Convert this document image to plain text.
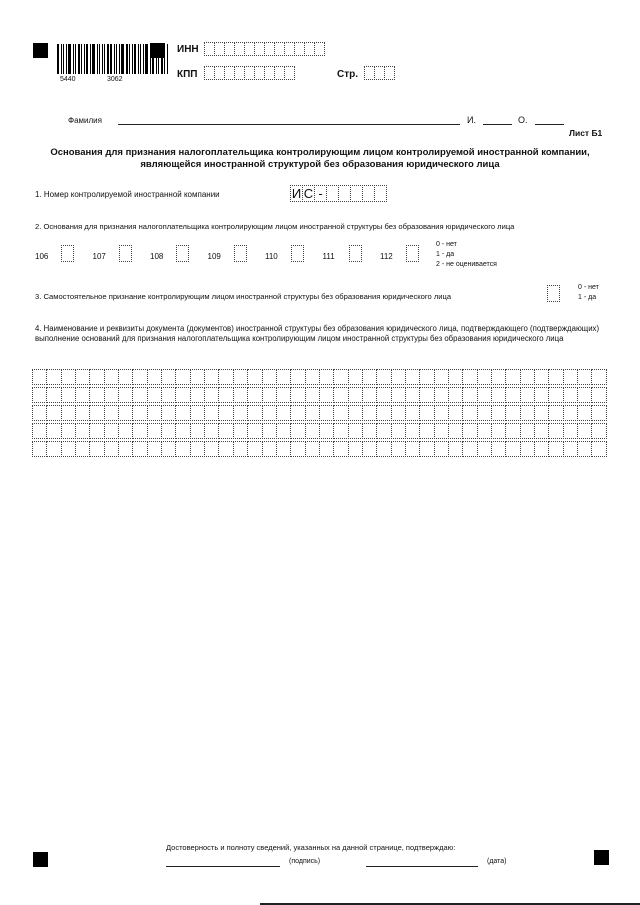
5440	3062
ИНН
КПП	Стр.
Фамилия	И.	О.
Лист Б1
Основания для признания налогоплательщика контролирующим лицом контролируемой иностранной компании, являющейся иностранной структурой без образования юридического лица
1. Номер контролируемой иностранной компании	И С -
2. Основания для признания налогоплательщика контролирующим лицом иностранной структуры без образования юридического лица
106	107	108	109	110	111	112
0 - нет
1 - да
2 - не оценивается
3. Самостоятельное признание контролирующим лицом иностранной структуры без образования юридического лица
0 - нет
1 - да
4. Наименование и реквизиты документа (документов) иностранной структуры без образования юридического лица, подтверждающего (подтверждающих) выполнение оснований для признания налогоплательщика контролирующим лицом иностранной структуры без образования юридического лица
Достоверность и полноту сведений, указанных на данной странице, подтверждаю:
(подпись)	(дата)
